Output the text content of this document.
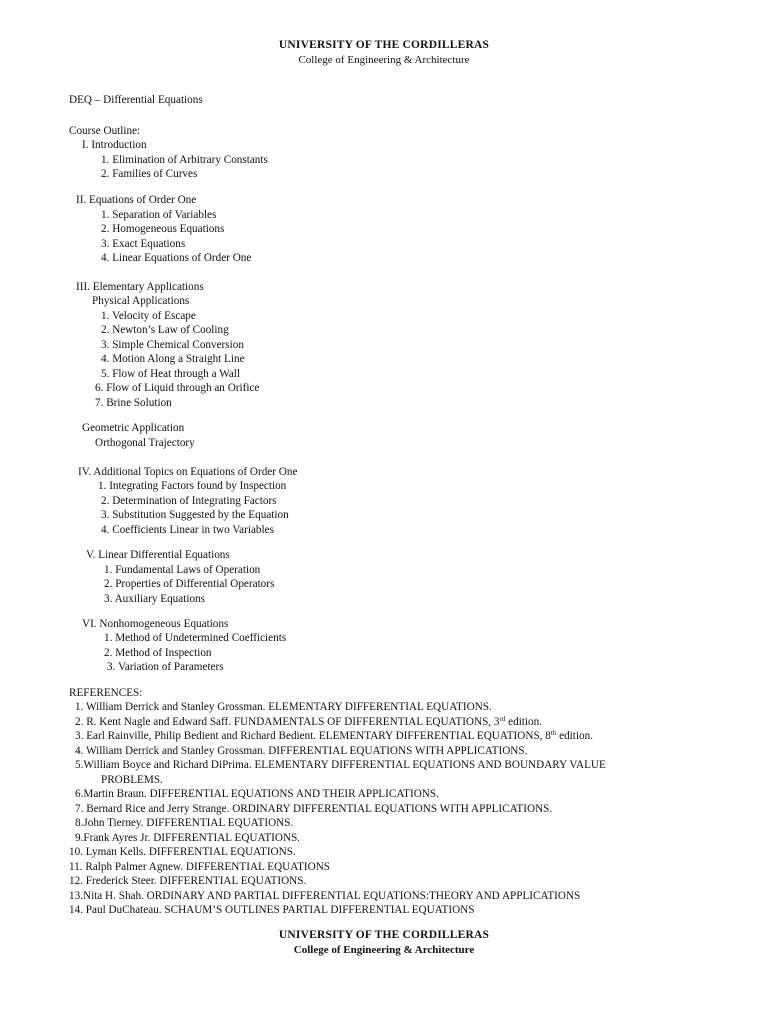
UNIVERSITY OF THE CORDILLERAS
College of Engineering & Architecture
DEQ – Differential Equations
Course Outline:
I. Introduction
1. Elimination of Arbitrary Constants
2. Families of Curves
II. Equations of Order One
1. Separation of Variables
2. Homogeneous Equations
3. Exact Equations
4. Linear Equations of Order One
III. Elementary Applications
Physical Applications
1. Velocity of Escape
2. Newton’s Law of Cooling
3. Simple Chemical Conversion
4. Motion Along a Straight Line
5. Flow of Heat through a Wall
6. Flow of Liquid through an Orifice
7. Brine Solution
Geometric Application
Orthogonal Trajectory
IV. Additional Topics on Equations of Order One
1. Integrating Factors found by Inspection
2. Determination of Integrating Factors
3. Substitution Suggested by the Equation
4. Coefficients Linear in two Variables
V. Linear Differential Equations
1. Fundamental Laws of Operation
2. Properties of Differential Operators
3. Auxiliary Equations
VI. Nonhomogeneous Equations
1. Method of Undetermined Coefficients
2. Method of Inspection
3. Variation of Parameters
REFERENCES:
1. William Derrick and Stanley Grossman. ELEMENTARY DIFFERENTIAL EQUATIONS.
2. R. Kent Nagle and Edward Saff. FUNDAMENTALS OF DIFFERENTIAL EQUATIONS, 3rd edition.
3. Earl Rainville, Philip Bedient and Richard Bedient. ELEMENTARY DIFFERENTIAL EQUATIONS, 8th edition.
4. William Derrick and Stanley Grossman. DIFFERENTIAL EQUATIONS WITH APPLICATIONS.
5.William Boyce and Richard DiPrima. ELEMENTARY DIFFERENTIAL EQUATIONS AND BOUNDARY VALUE
PROBLEMS.
6.Martin Braun. DIFFERENTIAL EQUATIONS AND THEIR APPLICATIONS.
7. Bernard Rice and Jerry Strange. ORDINARY DIFFERENTIAL EQUATIONS WITH APPLICATIONS.
8.John Tierney. DIFFERENTIAL EQUATIONS.
9.Frank Ayres Jr. DIFFERENTIAL EQUATIONS.
10. Lyman Kells. DIFFERENTIAL EQUATIONS.
11. Ralph Palmer Agnew. DIFFERENTIAL EQUATIONS
12. Frederick Steer. DIFFERENTIAL EQUATIONS.
13.Nita H. Shah. ORDINARY AND PARTIAL DIFFERENTIAL EQUATIONS:THEORY AND APPLICATIONS
14. Paul DuChateau. SCHAUM’S OUTLINES PARTIAL DIFFERENTIAL EQUATIONS
UNIVERSITY OF THE CORDILLERAS
College of Engineering & Architecture
